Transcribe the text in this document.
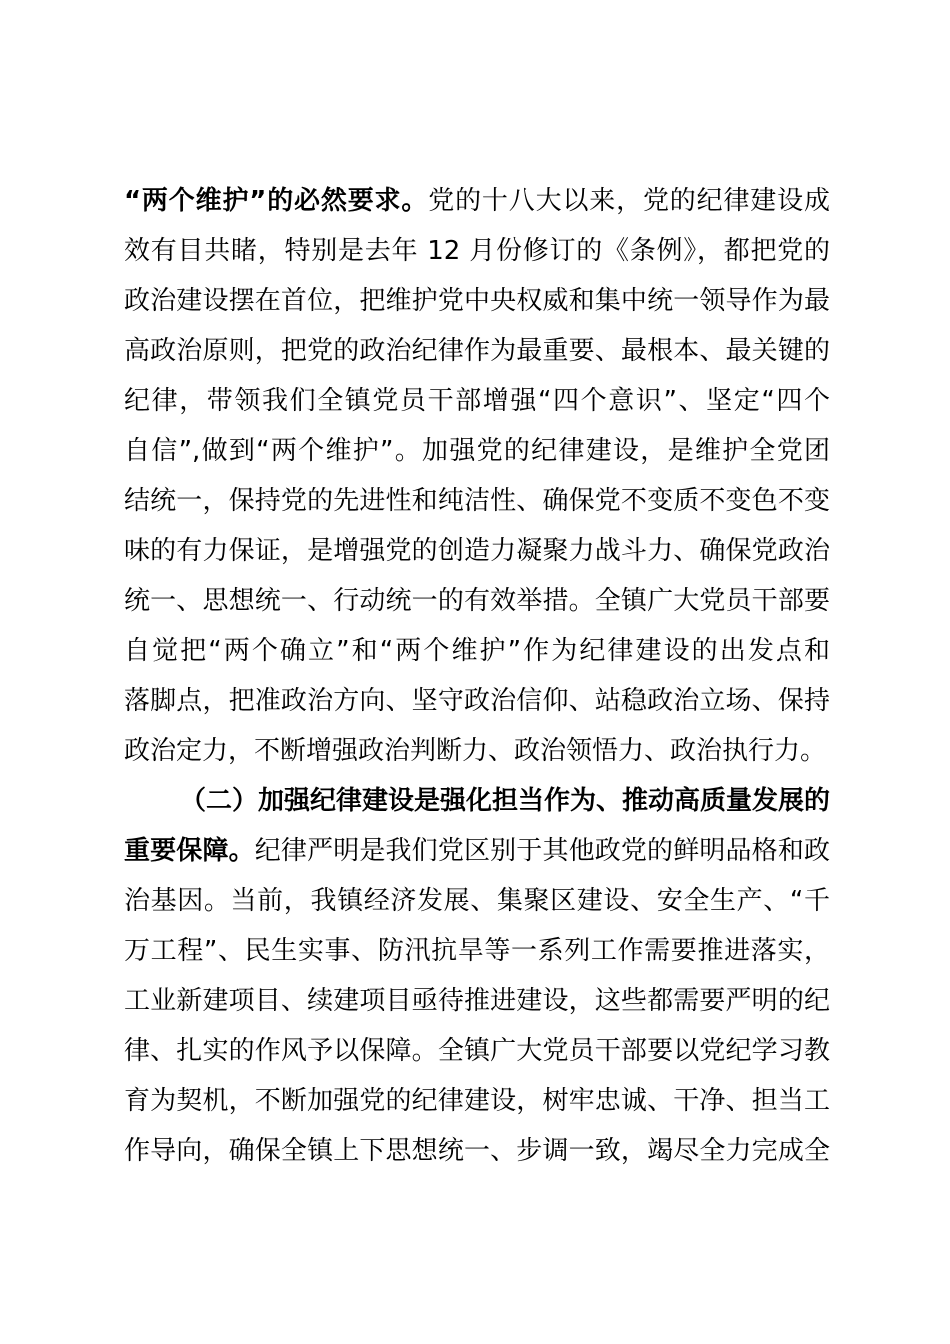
“两个维护”的必然要求。党的十八大以来，党的纪律建设成
效有目共睹，特别是去年 12 月份修订的《条例》，都把党的
政治建设摆在首位，把维护党中央权威和集中统一领导作为最
高政治原则，把党的政治纪律作为最重要、最根本、最关键的
纪律，带领我们全镇党员干部增强“四个意识”、坚定“四个
自信”,做到“两个维护”。加强党的纪律建设，是维护全党团
结统一，保持党的先进性和纯洁性、确保党不变质不变色不变
味的有力保证，是增强党的创造力凝聚力战斗力、确保党政治
统一、思想统一、行动统一的有效举措。全镇广大党员干部要
自觉把“两个确立”和“两个维护”作为纪律建设的出发点和
落脚点，把准政治方向、坚守政治信仰、站稳政治立场、保持
政治定力，不断增强政治判断力、政治领悟力、政治执行力。
（二）加强纪律建设是强化担当作为、推动高质量发展的
重要保障。纪律严明是我们党区别于其他政党的鲜明品格和政
治基因。当前，我镇经济发展、集聚区建设、安全生产、“千
万工程”、民生实事、防汛抗旱等一系列工作需要推进落实，
工业新建项目、续建项目亟待推进建设，这些都需要严明的纪
律、扎实的作风予以保障。全镇广大党员干部要以党纪学习教
育为契机，不断加强党的纪律建设，树牢忠诚、干净、担当工
作导向，确保全镇上下思想统一、步调一致，竭尽全力完成全
